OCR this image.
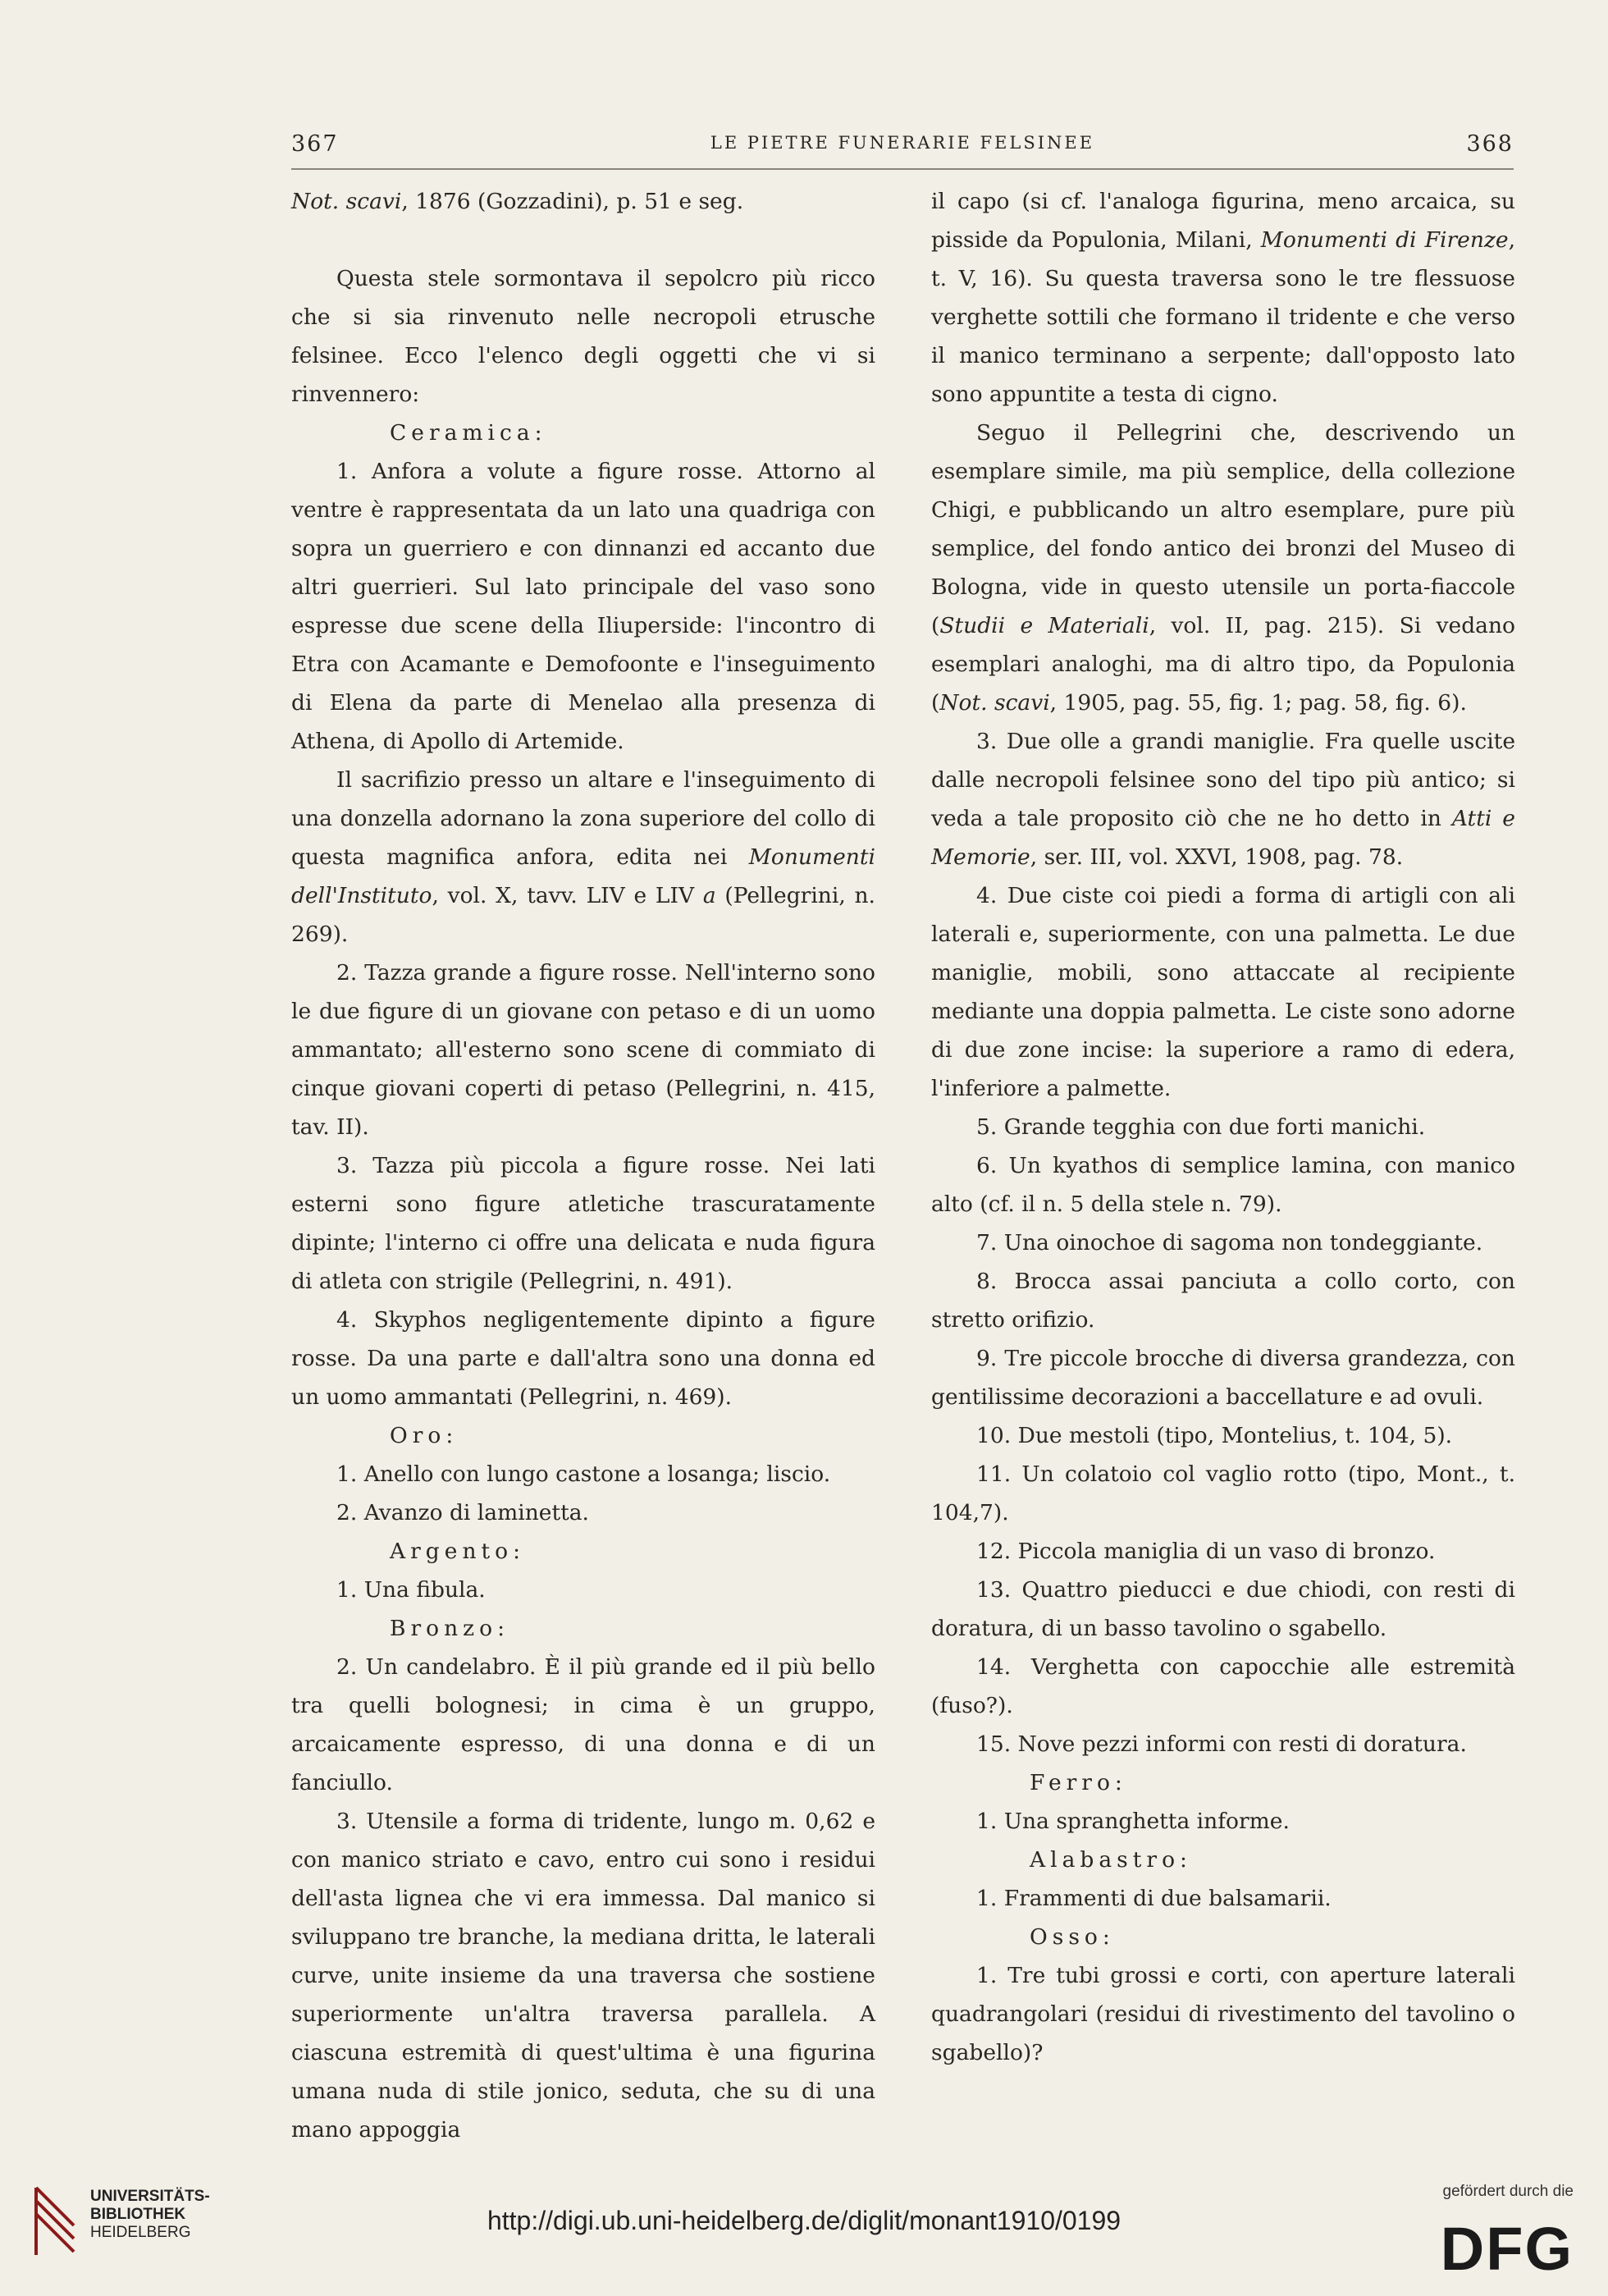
367	LE PIETRE FUNERARIE FELSINEE	368

Not. scavi, 1876 (Gozzadini), p. 51 e seg.

Questa stele sormontava il sepolcro più ricco che si sia rinvenuto nelle necropoli etrusche felsinee. Ecco l'elenco degli oggetti che vi si rinvennero:

Ceramica:

1. Anfora a volute a figure rosse. Attorno al ventre è rappresentata da un lato una quadriga con sopra un guerriero e con dinnanzi ed accanto due altri guerrieri. Sul lato principale del vaso sono espresse due scene della Iliuperside: l'incontro di Etra con Acamante e Demofoonte e l'inseguimento di Elena da parte di Menelao alla presenza di Athena, di Apollo di Artemide.

Il sacrifizio presso un altare e l'inseguimento di una donzella adornano la zona superiore del collo di questa magnifica anfora, edita nei Monumenti dell'Instituto, vol. X, tavv. LIV e LIV a (Pellegrini, n. 269).

2. Tazza grande a figure rosse. Nell'interno sono le due figure di un giovane con petaso e di un uomo ammantato; all'esterno sono scene di commiato di cinque giovani coperti di petaso (Pellegrini, n. 415, tav. II).

3. Tazza più piccola a figure rosse. Nei lati esterni sono figure atletiche trascuratamente dipinte; l'interno ci offre una delicata e nuda figura di atleta con strigile (Pellegrini, n. 491).

4. Skyphos negligentemente dipinto a figure rosse. Da una parte e dall'altra sono una donna ed un uomo ammantati (Pellegrini, n. 469).

Oro:

1. Anello con lungo castone a losanga; liscio.

2. Avanzo di laminetta.

Argento:

1. Una fibula.

Bronzo:

2. Un candelabro. È il più grande ed il più bello tra quelli bolognesi; in cima è un gruppo, arcaicamente espresso, di una donna e di un fanciullo.

3. Utensile a forma di tridente, lungo m. 0,62 e con manico striato e cavo, entro cui sono i residui dell'asta lignea che vi era immessa. Dal manico si sviluppano tre branche, la mediana dritta, le laterali curve, unite insieme da una traversa che sostiene superiormente un'altra traversa parallela. A ciascuna estremità di quest'ultima è una figurina umana nuda di stile jonico, seduta, che su di una mano appoggia

il capo (si cf. l'analoga figurina, meno arcaica, su pisside da Populonia, Milani, Monumenti di Firenze, t. V, 16). Su questa traversa sono le tre flessuose verghette sottili che formano il tridente e che verso il manico terminano a serpente; dall'opposto lato sono appuntite a testa di cigno.

Seguo il Pellegrini che, descrivendo un esemplare simile, ma più semplice, della collezione Chigi, e pubblicando un altro esemplare, pure più semplice, del fondo antico dei bronzi del Museo di Bologna, vide in questo utensile un porta-fiaccole (Studii e Materiali, vol. II, pag. 215). Si vedano esemplari analoghi, ma di altro tipo, da Populonia (Not. scavi, 1905, pag. 55, fig. 1; pag. 58, fig. 6).

3. Due olle a grandi maniglie. Fra quelle uscite dalle necropoli felsinee sono del tipo più antico; si veda a tale proposito ciò che ne ho detto in Atti e Memorie, ser. III, vol. XXVI, 1908, pag. 78.

4. Due ciste coi piedi a forma di artigli con ali laterali e, superiormente, con una palmetta. Le due maniglie, mobili, sono attaccate al recipiente mediante una doppia palmetta. Le ciste sono adorne di due zone incise: la superiore a ramo di edera, l'inferiore a palmette.

5. Grande tegghia con due forti manichi.

6. Un kyathos di semplice lamina, con manico alto (cf. il n. 5 della stele n. 79).

7. Una oinochoe di sagoma non tondeggiante.

8. Brocca assai panciuta a collo corto, con stretto orifizio.

9. Tre piccole brocche di diversa grandezza, con gentilissime decorazioni a baccellature e ad ovuli.

10. Due mestoli (tipo, Montelius, t. 104, 5).

11. Un colatoio col vaglio rotto (tipo, Mont., t. 104,7).

12. Piccola maniglia di un vaso di bronzo.

13. Quattro pieducci e due chiodi, con resti di doratura, di un basso tavolino o sgabello.

14. Verghetta con capocchie alle estremità (fuso?).

15. Nove pezzi informi con resti di doratura.

Ferro:

1. Una spranghetta informe.

Alabastro:

1. Frammenti di due balsamarii.

Osso:

1. Tre tubi grossi e corti, con aperture laterali quadrangolari (residui di rivestimento del tavolino o sgabello)?

UNIVERSITÄTS-
BIBLIOTHEK
HEIDELBERG	http://digi.ub.uni-heidelberg.de/diglit/monant1910/0199
gefördert durch die
DFG
